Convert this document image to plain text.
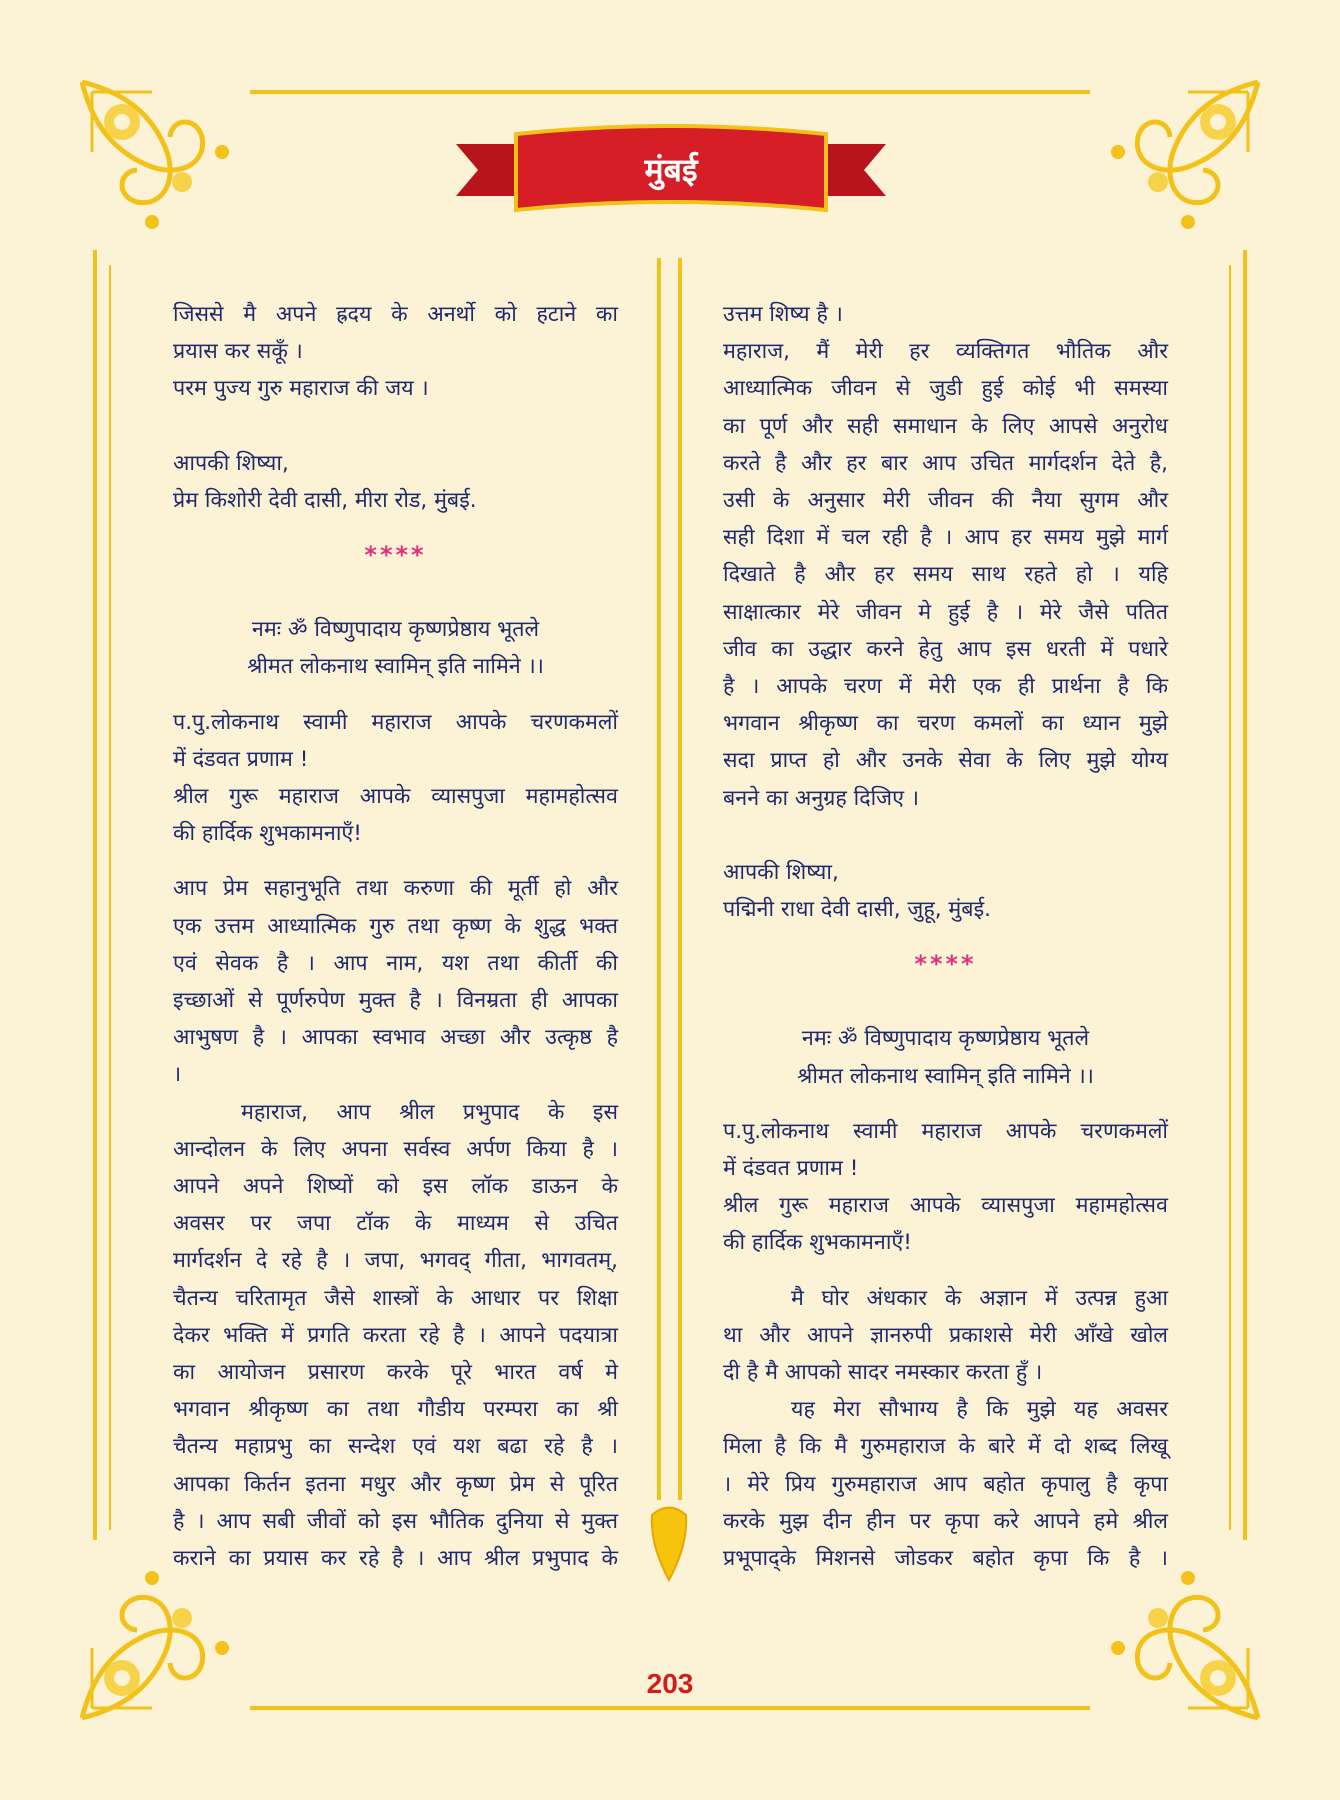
मुंबई

जिससे मै अपने ह्रदय के अनर्थो को हटाने का

प्रयास कर सकूँ ।

परम पुज्य गुरु महाराज की जय ।

आपकी शिष्या,

प्रेम किशोरी देवी दासी, मीरा रोड, मुंबई.

****

नमः ॐ विष्णुपादाय कृष्णप्रेष्ठाय भूतले

श्रीमत लोकनाथ स्वामिन् इति नामिने ।।

प.पु.लोकनाथ स्वामी महाराज आपके चरणकमलों

में दंडवत प्रणाम !

श्रील गुरू महाराज आपके व्यासपुजा महामहोत्सव

की हार्दिक शुभकामनाएँ!

आप प्रेम सहानुभूति तथा करुणा की मूर्ती हो और

एक उत्तम आध्यात्मिक गुरु तथा कृष्ण के शुद्ध भक्त

एवं सेवक है । आप नाम, यश तथा कीर्ती की

इच्छाओं से पूर्णरुपेण मुक्त है । विनम्रता ही आपका

आभुषण है । आपका स्वभाव अच्छा और उत्कृष्ठ है

।

महाराज, आप श्रील प्रभुपाद के इस

आन्दोलन के लिए अपना सर्वस्व अर्पण किया है ।

आपने अपने शिष्यों को इस लॉक डाऊन के

अवसर पर जपा टॉक के माध्यम से उचित

मार्गदर्शन दे रहे है । जपा, भगवद् गीता, भागवतम्,

चैतन्य चरितामृत जैसे शास्त्रों के आधार पर शिक्षा

देकर भक्ति में प्रगति करता रहे है । आपने पदयात्रा

का आयोजन प्रसारण करके पूरे भारत वर्ष मे

भगवान श्रीकृष्ण का तथा गौडीय परम्परा का श्री

चैतन्य महाप्रभु का सन्देश एवं यश बढा रहे है ।

आपका किर्तन इतना मधुर और कृष्ण प्रेम से पूरित

है । आप सबी जीवों को इस भौतिक दुनिया से मुक्त

कराने का प्रयास कर रहे है । आप श्रील प्रभुपाद के

उत्तम शिष्य है ।

महाराज, मैं मेरी हर व्यक्तिगत भौतिक और

आध्यात्मिक जीवन से जुडी हुई कोई भी समस्या

का पूर्ण और सही समाधान के लिए आपसे अनुरोध

करते है और हर बार आप उचित मार्गदर्शन देते है,

उसी के अनुसार मेरी जीवन की नैया सुगम और

सही दिशा में चल रही है । आप हर समय मुझे मार्ग

दिखाते है और हर समय साथ रहते हो । यहि

साक्षात्कार मेरे जीवन मे हुई है । मेरे जैसे पतित

जीव का उद्धार करने हेतु आप इस धरती में पधारे

है । आपके चरण में मेरी एक ही प्रार्थना है कि

भगवान श्रीकृष्ण का चरण कमलों का ध्यान मुझे

सदा प्राप्त हो और उनके सेवा के लिए मुझे योग्य

बनने का अनुग्रह दिजिए ।

आपकी शिष्या,

पद्मिनी राधा देवी दासी, जुहू, मुंबई.

****

नमः ॐ विष्णुपादाय कृष्णप्रेष्ठाय भूतले

श्रीमत लोकनाथ स्वामिन् इति नामिने ।।

प.पु.लोकनाथ स्वामी महाराज आपके चरणकमलों

में दंडवत प्रणाम !

श्रील गुरू महाराज आपके व्यासपुजा महामहोत्सव

की हार्दिक शुभकामनाएँ!

मै घोर अंधकार के अज्ञान में उत्पन्न हुआ

था और आपने ज्ञानरुपी प्रकाशसे मेरी आँखे खोल

दी है मै आपको सादर नमस्कार करता हुँ ।

यह मेरा सौभाग्य है कि मुझे यह अवसर

मिला है कि मै गुरुमहाराज के बारे में दो शब्द लिखू

। मेरे प्रिय गुरुमहाराज आप बहोत कृपालु है कृपा

करके मुझ दीन हीन पर कृपा करे आपने हमे श्रील

प्रभूपाद्के मिशनसे जोडकर बहोत कृपा कि है ।

203
